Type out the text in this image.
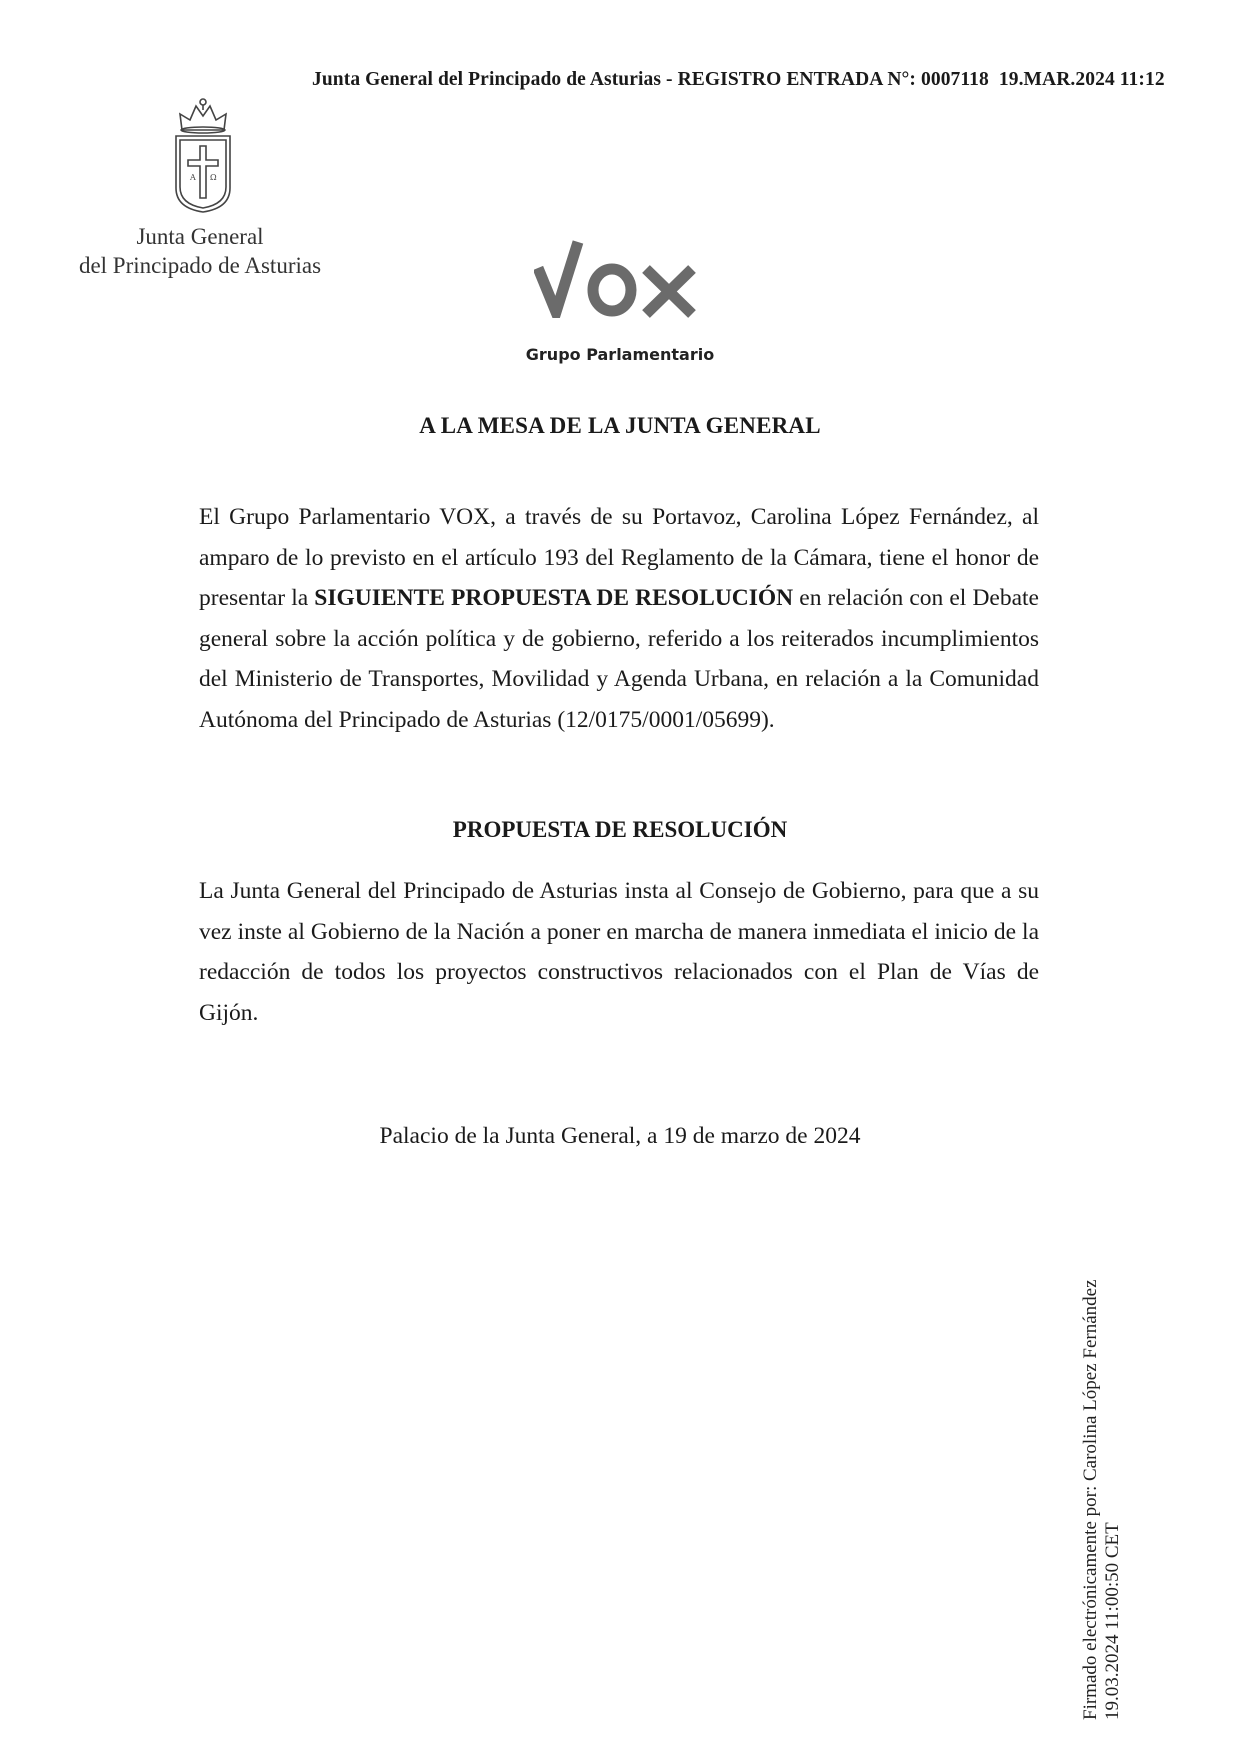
Junta General del Principado de Asturias - REGISTRO ENTRADA N°: 0007118 19.MAR.2024 11:12
A Ω
Junta General
del Principado de Asturias
Grupo Parlamentario
A LA MESA DE LA JUNTA GENERAL
El Grupo Parlamentario VOX, a través de su Portavoz, Carolina López Fernández, al amparo de lo previsto en el artículo 193 del Reglamento de la Cámara, tiene el honor de presentar la SIGUIENTE PROPUESTA DE RESOLUCIÓN en relación con el Debate general sobre la acción política y de gobierno, referido a los reiterados incumplimientos del Ministerio de Transportes, Movilidad y Agenda Urbana, en relación a la Comunidad Autónoma del Principado de Asturias (12/0175/0001/05699).
PROPUESTA DE RESOLUCIÓN
La Junta General del Principado de Asturias insta al Consejo de Gobierno, para que a su vez inste al Gobierno de la Nación a poner en marcha de manera inmediata el inicio de la redacción de todos los proyectos constructivos relacionados con el Plan de Vías de Gijón.
Palacio de la Junta General, a 19 de marzo de 2024
Firmado electrónicamente por: Carolina López Fernández 19.03.2024 11:00:50 CET
